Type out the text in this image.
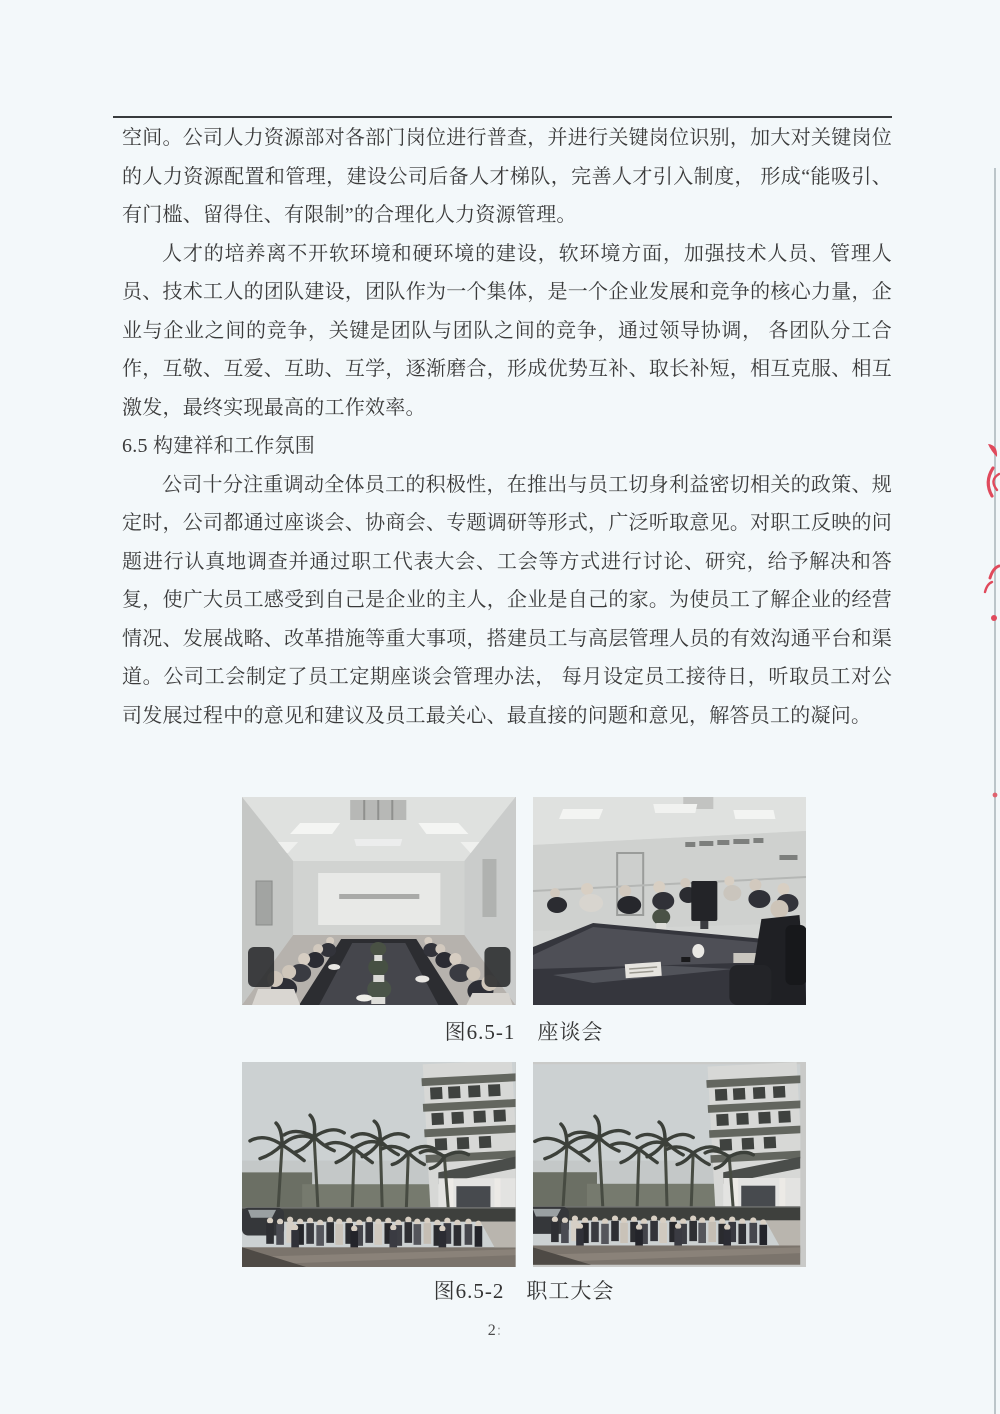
空间。公司人力资源部对各部门岗位进行普查，并进行关键岗位识别，加大对关键岗位的人力资源配置和管理，建设公司后备人才梯队，完善人才引入制度， 形成“能吸引、有门槛、留得住、有限制”的合理化人力资源管理。

人才的培养离不开软环境和硬环境的建设，软环境方面，加强技术人员、管理人员、技术工人的团队建设，团队作为一个集体，是一个企业发展和竞争的核心力量，企业与企业之间的竞争，关键是团队与团队之间的竞争，通过领导协调， 各团队分工合作，互敬、互爱、互助、互学，逐渐磨合，形成优势互补、取长补短，相互克服、相互激发，最终实现最高的工作效率。

6.5 构建祥和工作氛围

公司十分注重调动全体员工的积极性，在推出与员工切身利益密切相关的政策、规定时，公司都通过座谈会、协商会、专题调研等形式，广泛听取意见。对职工反映的问题进行认真地调查并通过职工代表大会、工会等方式进行讨论、研究，给予解决和答复，使广大员工感受到自己是企业的主人，企业是自己的家。为使员工了解企业的经营情况、发展战略、改革措施等重大事项，搭建员工与高层管理人员的有效沟通平台和渠道。公司工会制定了员工定期座谈会管理办法， 每月设定员工接待日，听取员工对公司发展过程中的意见和建议及员工最关心、最直接的问题和意见，解答员工的凝问。

图6.5-1　座谈会
图6.5-2　职工大会
2:
